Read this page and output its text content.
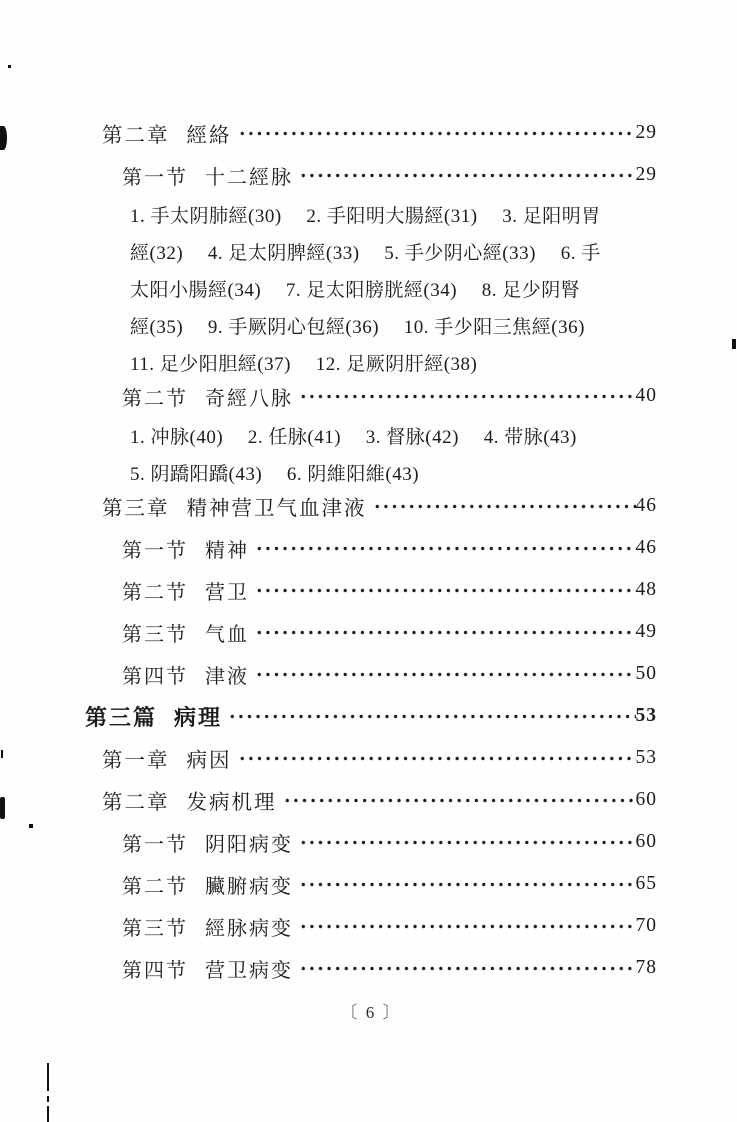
第二章 經絡	29
第一节 十二經脉	29
1. 手太阴肺經(30)　 2. 手阳明大腸經(31)　 3. 足阳明胃
經(32)　 4. 足太阴脾經(33)　 5. 手少阴心經(33)　 6. 手
太阳小腸經(34)　 7. 足太阳膀胱經(34)　 8. 足少阴腎
經(35)　 9. 手厥阴心包經(36)　 10. 手少阳三焦經(36)
11. 足少阳胆經(37)　 12. 足厥阴肝經(38)
第二节 奇經八脉	40
1. 冲脉(40)　 2. 任脉(41)　 3. 督脉(42)　 4. 带脉(43)
5. 阴蹻阳蹻(43)　 6. 阴維阳維(43)
第三章 精神营卫气血津液	46
第一节 精神	46
第二节 营卫	48
第三节 气血	49
第四节 津液	50
第三篇 病理	53
第一章 病因	53
第二章 发病机理	60
第一节 阴阳病变	60
第二节 臟腑病变	65
第三节 經脉病变	70
第四节 营卫病变	78
〔 6 〕
